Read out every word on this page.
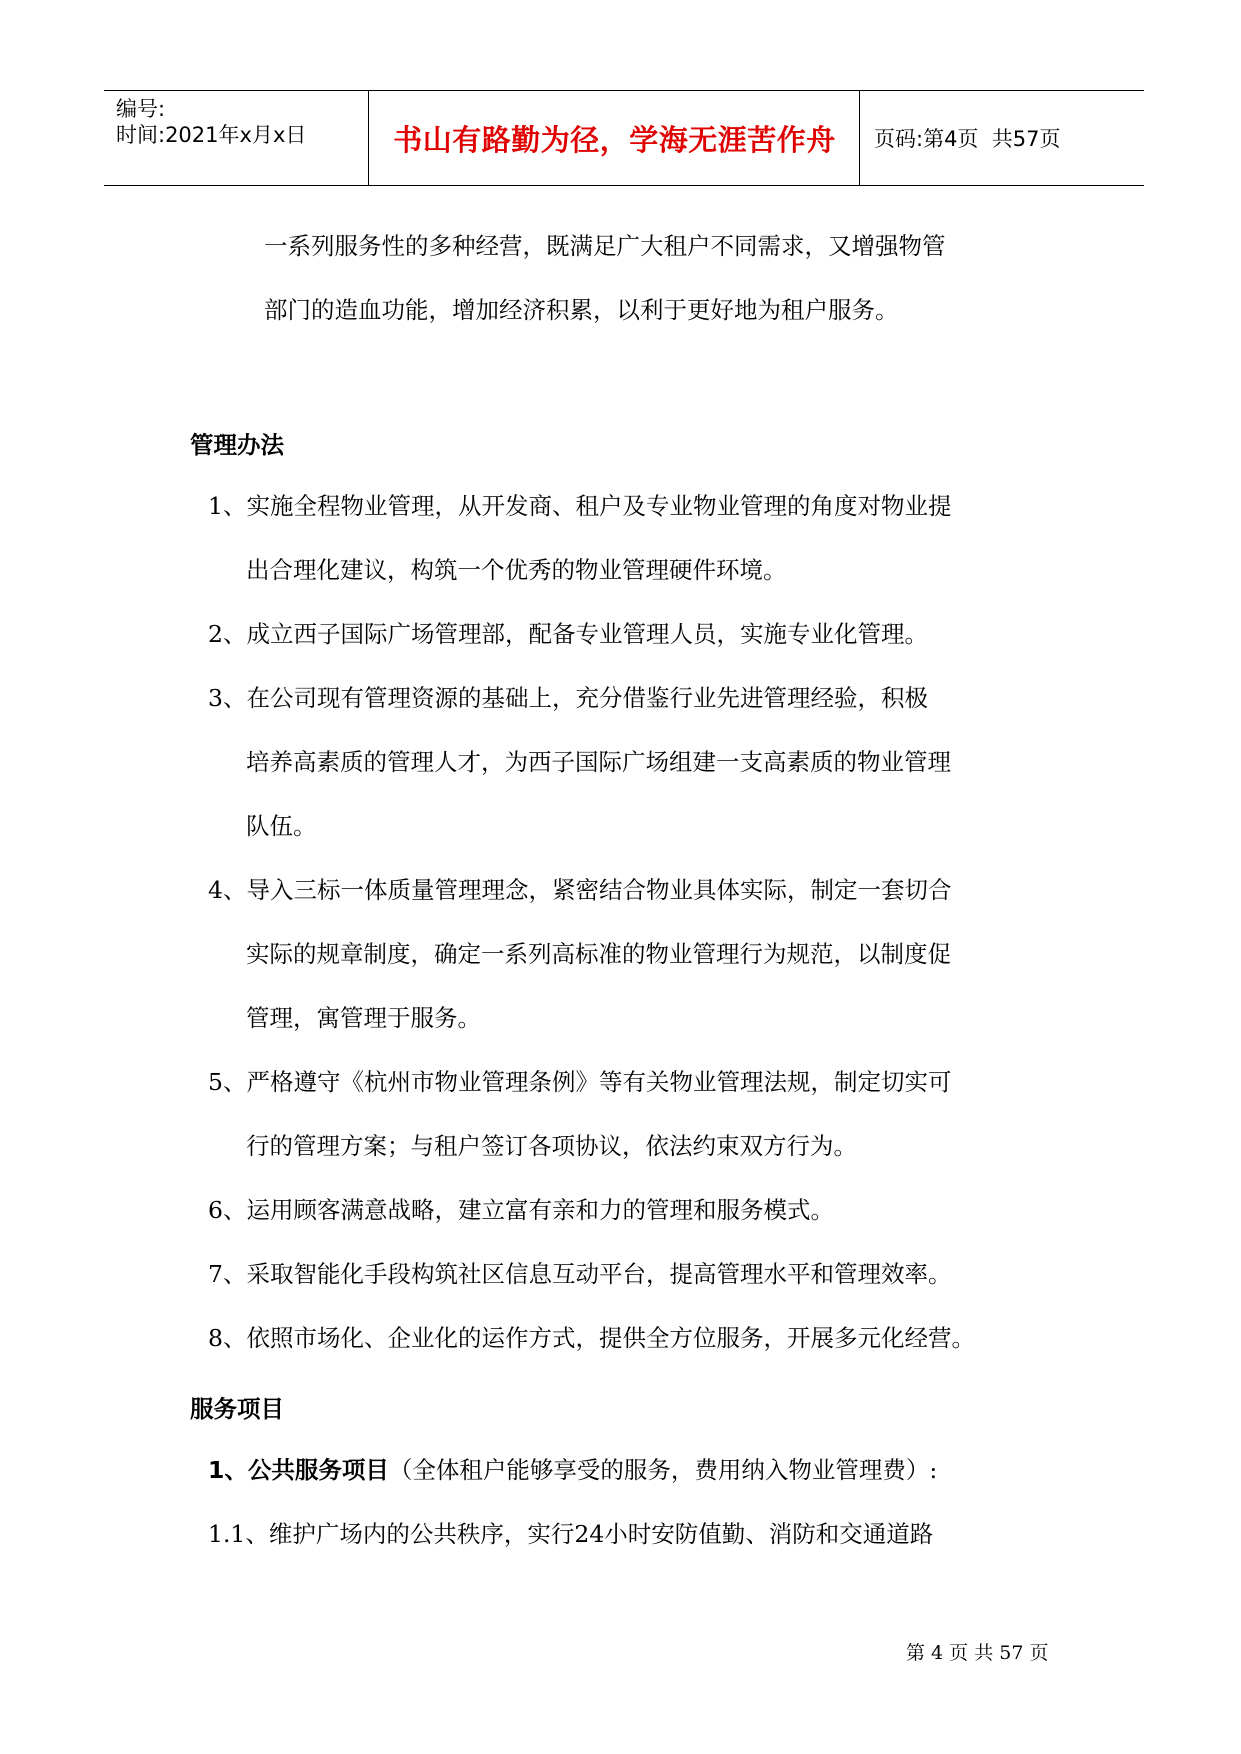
编号:
时间:2021年x月x日	书山有路勤为径，学海无涯苦作舟	页码:第4页  共57页
一系列服务性的多种经营，既满足广大租户不同需求，又增强物管
部门的造血功能，增加经济积累，以利于更好地为租户服务。
管理办法
1、实施全程物业管理，从开发商、租户及专业物业管理的角度对物业提
出合理化建议，构筑一个优秀的物业管理硬件环境。
2、成立西子国际广场管理部，配备专业管理人员，实施专业化管理。
3、在公司现有管理资源的基础上，充分借鉴行业先进管理经验，积极
培养高素质的管理人才，为西子国际广场组建一支高素质的物业管理
队伍。
4、导入三标一体质量管理理念，紧密结合物业具体实际，制定一套切合
实际的规章制度，确定一系列高标准的物业管理行为规范，以制度促
管理，寓管理于服务。
5、严格遵守《杭州市物业管理条例》等有关物业管理法规，制定切实可
行的管理方案；与租户签订各项协议，依法约束双方行为。
6、运用顾客满意战略，建立富有亲和力的管理和服务模式。
7、采取智能化手段构筑社区信息互动平台，提高管理水平和管理效率。
8、依照市场化、企业化的运作方式，提供全方位服务，开展多元化经营。
服务项目
1、公共服务项目（全体租户能够享受的服务，费用纳入物业管理费）:
1.1、维护广场内的公共秩序，实行24小时安防值勤、消防和交通道路
第 4 页 共 57 页
